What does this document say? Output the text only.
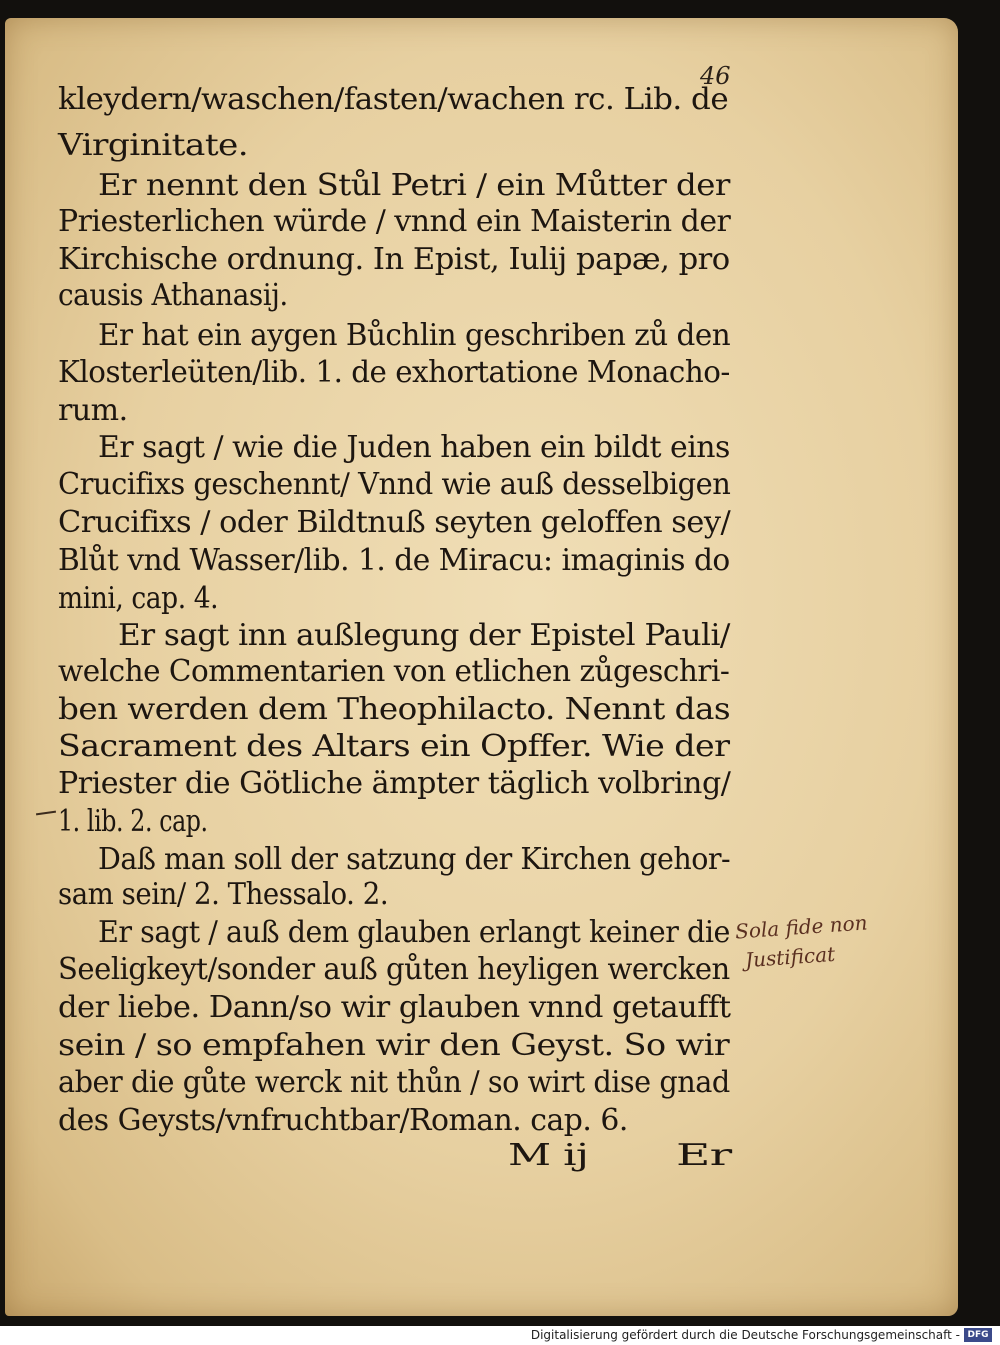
46
kleydern/waschen/fasten/wachen rc. Lib. de
Virginitate.
Er nennt den Stůl Petri / ein Můtter der
Priesterlichen würde / vnnd ein Maisterin der
Kirchische ordnung. In Epist, Iulij papæ, pro
causis Athanasij.
Er hat ein aygen Bůchlin geschriben zů den
Klosterleüten/lib. 1. de exhortatione Monacho-
rum.
Er sagt / wie die Juden haben ein bildt eins
Crucifixs geschennt/ Vnnd wie auß desselbigen
Crucifixs / oder Bildtnuß seyten geloffen sey/
Blůt vnd Wasser/lib. 1. de Miracu: imaginis do
mini, cap. 4.
Er sagt inn außlegung der Epistel Pauli/
welche Commentarien von etlichen zůgeschri-
ben werden dem Theophilacto. Nennt das
Sacrament des Altars ein Opffer. Wie der
Priester die Götliche ämpter täglich volbring/
1. lib. 2. cap.
Daß man soll der satzung der Kirchen gehor-
sam sein/ 2. Thessalo. 2.
Er sagt / auß dem glauben erlangt keiner die
Seeligkeyt/sonder auß gůten heyligen wercken
der liebe. Dann/so wir glauben vnnd getaufft
sein / so empfahen wir den Geyst. So wir
aber die gůte werck nit thůn / so wirt dise gnad
des Geysts/vnfruchtbar/Roman. cap. 6.
Sola fide non
Justificat
M ij	Er
Digitalisierung gefördert durch die Deutsche Forschungsgemeinschaft - DFG
